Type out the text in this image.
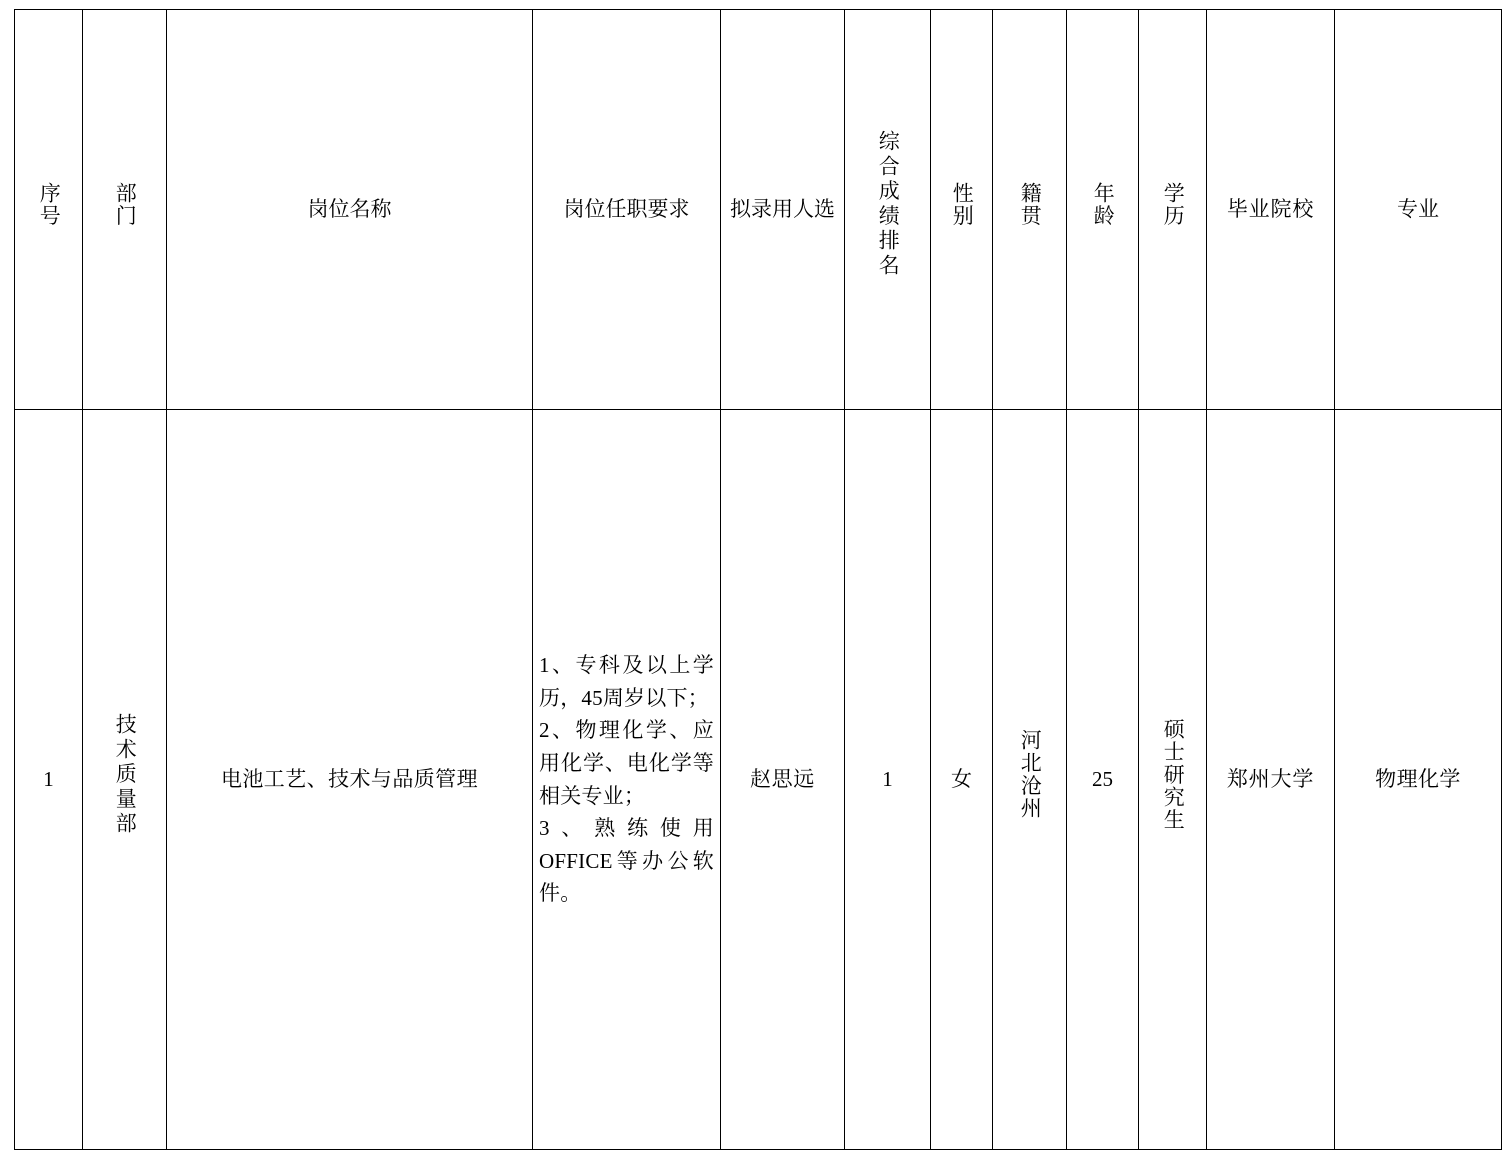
序号	部门	岗位名称	岗位任职要求	拟录用人选	综合成绩排名	性别	籍贯	年龄	学历	毕业院校	专业
1	技术质量部	电池工艺、技术与品质管理	1、专科及以上学历，45周岁以下；

2、物理化学、应用化学、电化学等相关专业；

3、熟练使用OFFICE等办公软件。	赵思远	1	女	河北沧州	25	硕士研究生	郑州大学	物理化学
